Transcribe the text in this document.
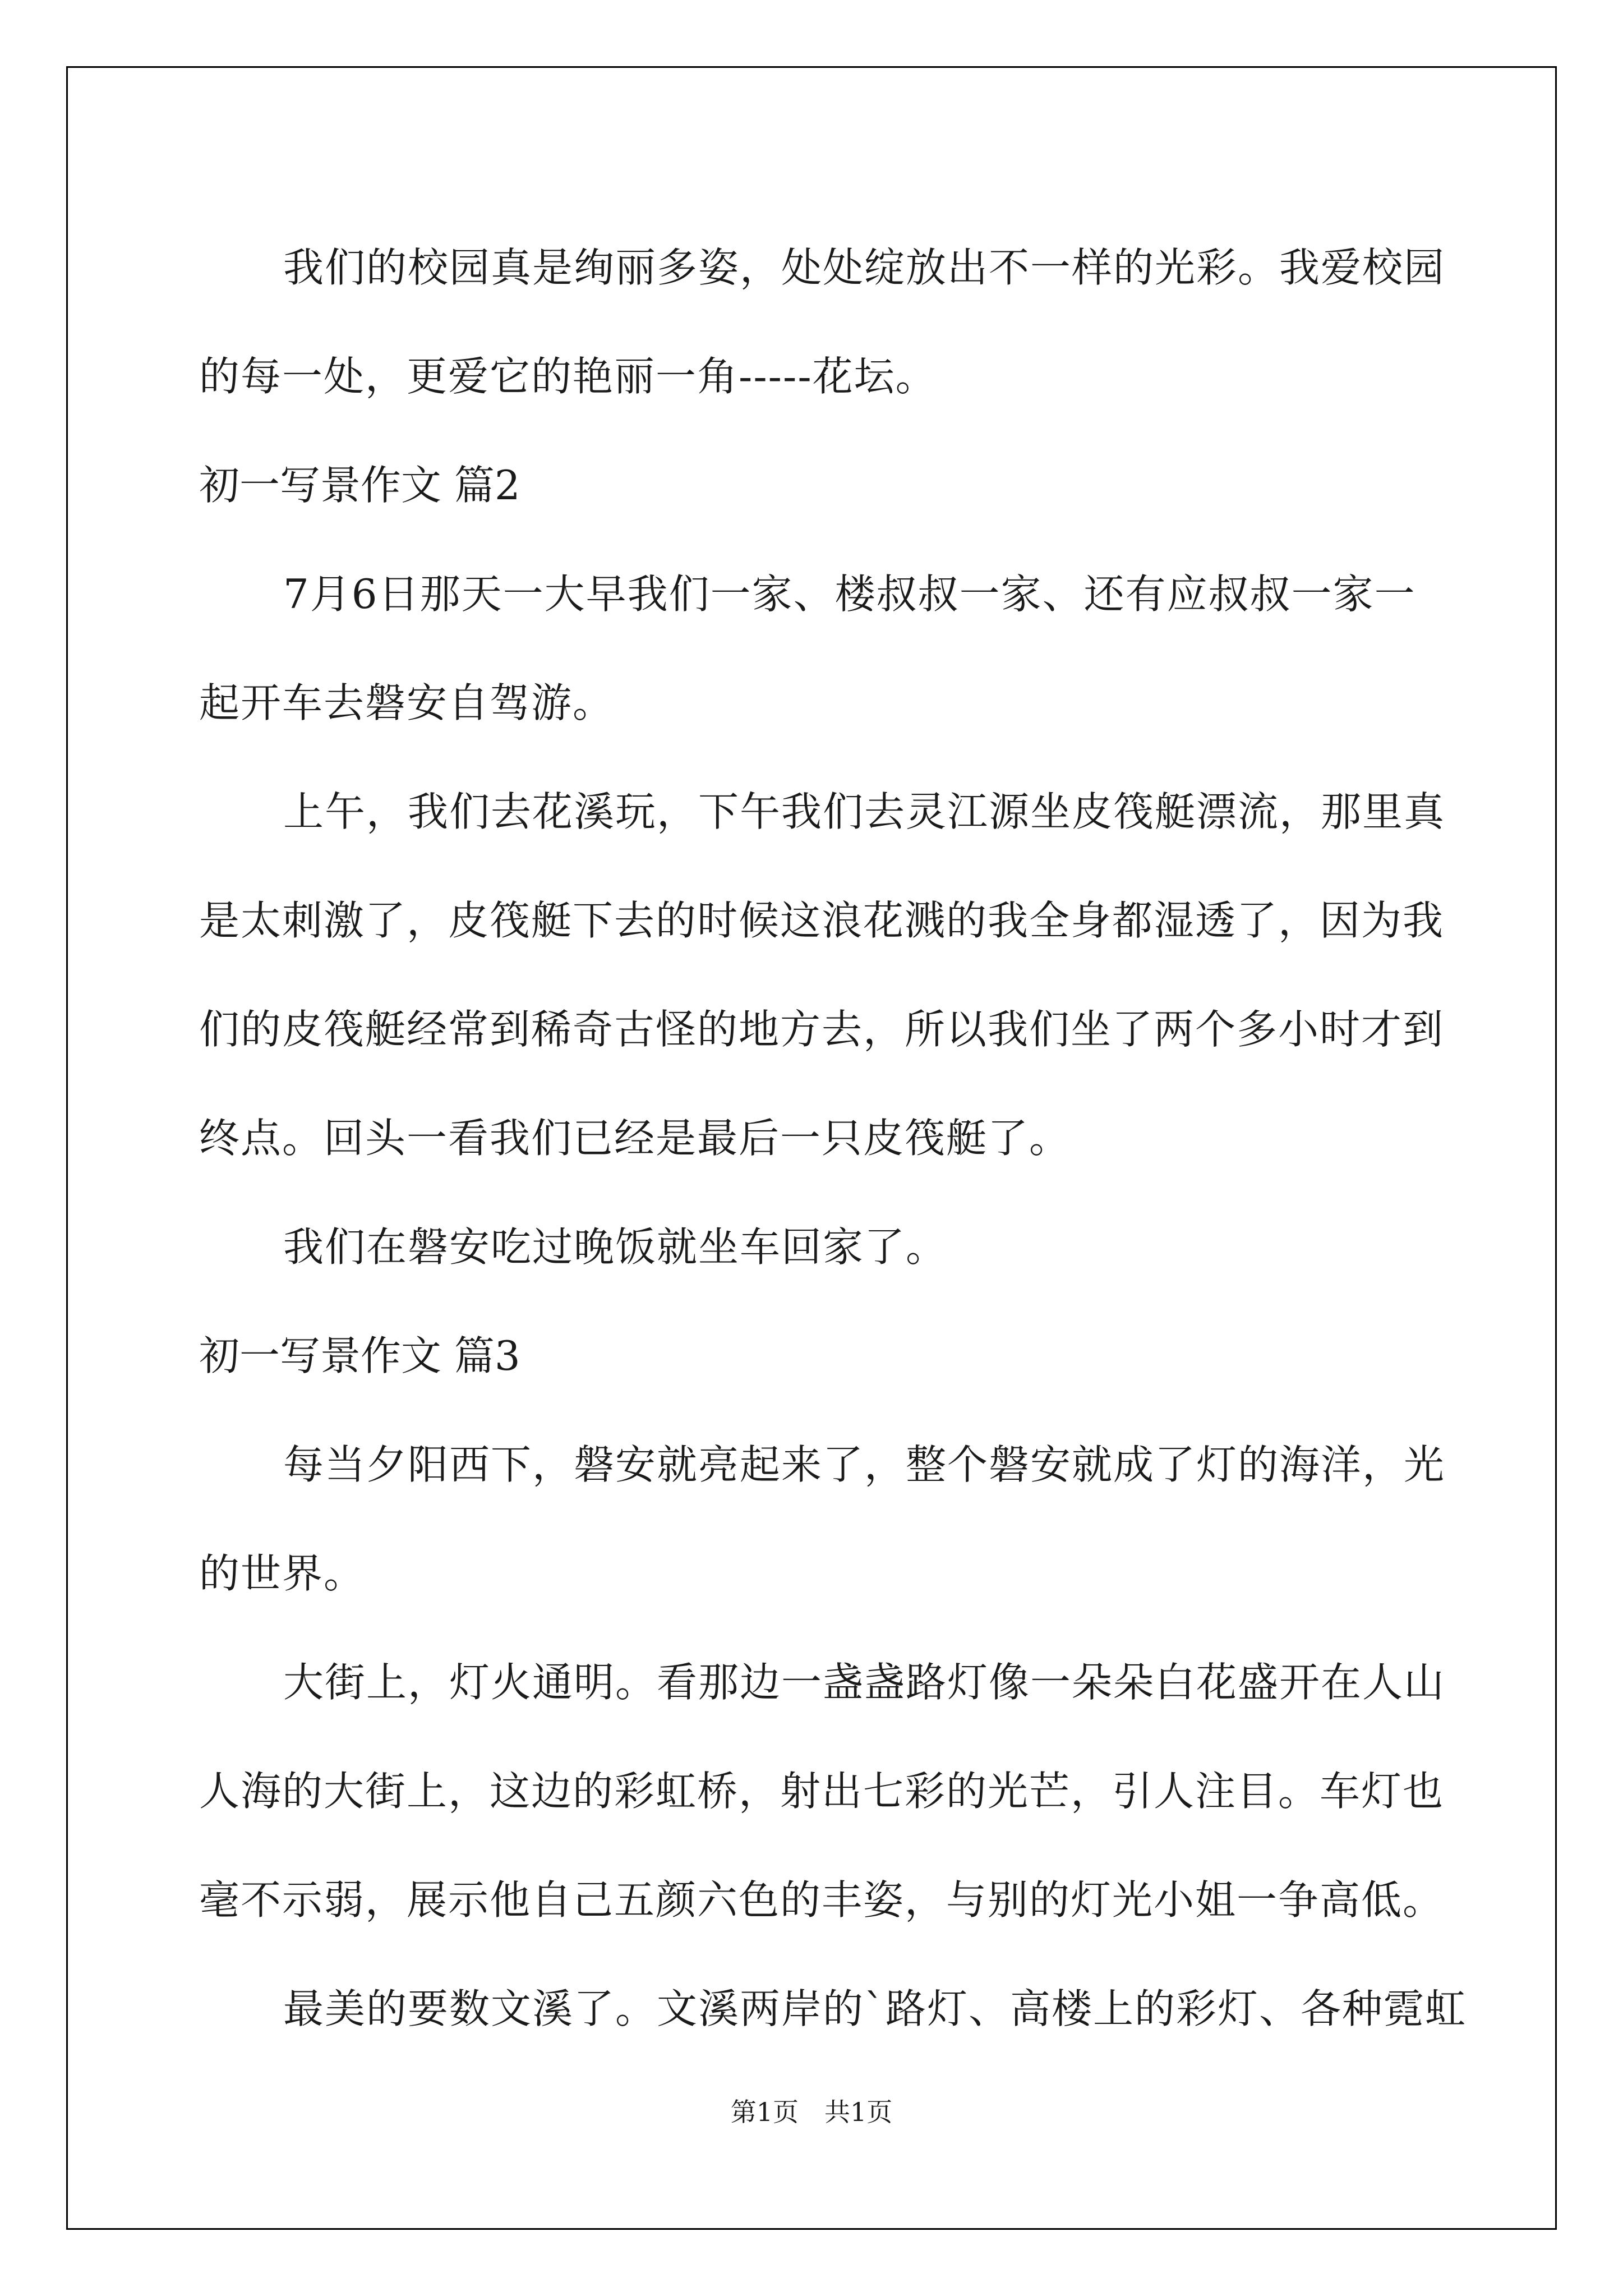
我们的校园真是绚丽多姿，处处绽放出不一样的光彩。我爱校园
的每一处，更爱它的艳丽一角-----花坛。
初一写景作文 篇2
7月6日那天一大早我们一家、楼叔叔一家、还有应叔叔一家一
起开车去磐安自驾游。
上午，我们去花溪玩，下午我们去灵江源坐皮筏艇漂流，那里真
是太刺激了，皮筏艇下去的时候这浪花溅的我全身都湿透了，因为我
们的皮筏艇经常到稀奇古怪的地方去，所以我们坐了两个多小时才到
终点。回头一看我们已经是最后一只皮筏艇了。
我们在磐安吃过晚饭就坐车回家了。
初一写景作文 篇3
每当夕阳西下，磐安就亮起来了，整个磐安就成了灯的海洋，光
的世界。
大街上，灯火通明。看那边一盏盏路灯像一朵朵白花盛开在人山
人海的大街上，这边的彩虹桥，射出七彩的光芒，引人注目。车灯也
毫不示弱，展示他自己五颜六色的丰姿，与别的灯光小姐一争高低。
最美的要数文溪了。文溪两岸的`路灯、高楼上的彩灯、各种霓虹
第1页　共1页
